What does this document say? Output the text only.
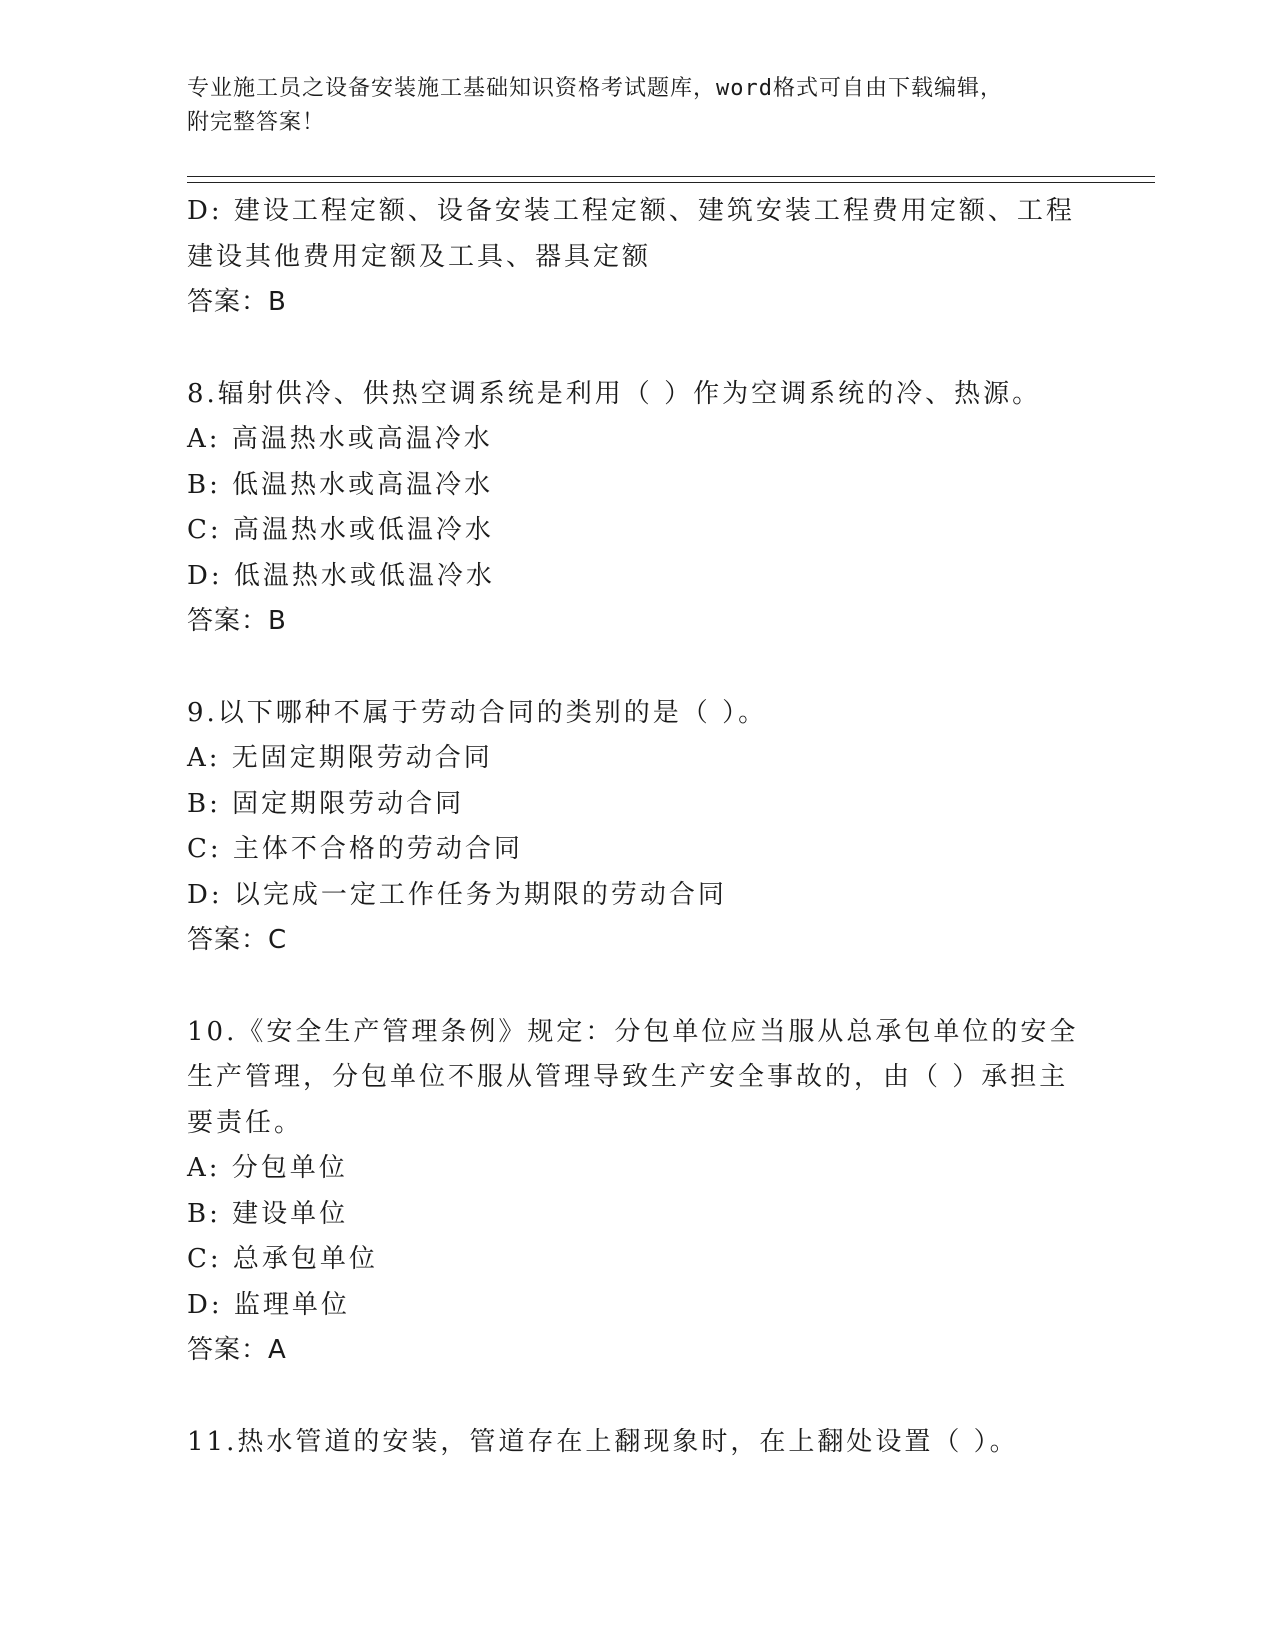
专业施工员之设备安装施工基础知识资格考试题库，word格式可自由下载编辑，
附完整答案！
D: 建设工程定额、设备安装工程定额、建筑安装工程费用定额、工程
建设其他费用定额及工具、器具定额
答案：B
8.辐射供冷、供热空调系统是利用（ ）作为空调系统的冷、热源。
A: 高温热水或高温冷水
B: 低温热水或高温冷水
C: 高温热水或低温冷水
D: 低温热水或低温冷水
答案：B
9.以下哪种不属于劳动合同的类别的是（ ）。
A: 无固定期限劳动合同
B: 固定期限劳动合同
C: 主体不合格的劳动合同
D: 以完成一定工作任务为期限的劳动合同
答案：C
10.《安全生产管理条例》规定：分包单位应当服从总承包单位的安全
生产管理，分包单位不服从管理导致生产安全事故的，由（ ）承担主
要责任。
A: 分包单位
B: 建设单位
C: 总承包单位
D: 监理单位
答案：A
11.热水管道的安装，管道存在上翻现象时，在上翻处设置（ ）。
